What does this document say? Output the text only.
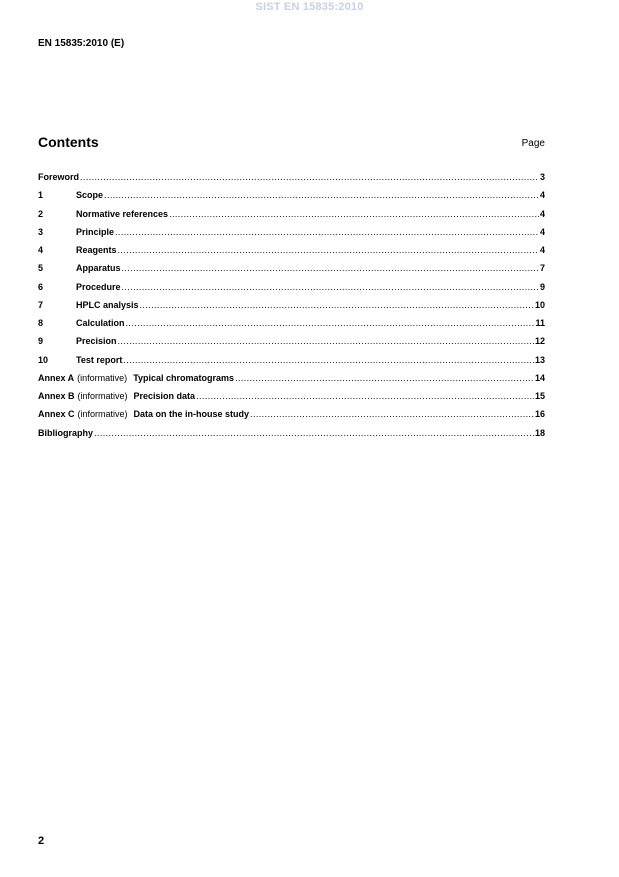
SIST EN 15835:2010
EN 15835:2010 (E)
Contents	Page
Foreword .....	3
1	Scope .....	4
2	Normative references .....	4
3	Principle .....	4
4	Reagents .....	4
5	Apparatus .....	7
6	Procedure .....	9
7	HPLC analysis .....	10
8	Calculation .....	11
9	Precision .....	12
10	Test report .....	13
Annex A (informative) Typical chromatograms .....	14
Annex B (informative) Precision data .....	15
Annex C (informative) Data on the in-house study .....	16
Bibliography .....	18
2
